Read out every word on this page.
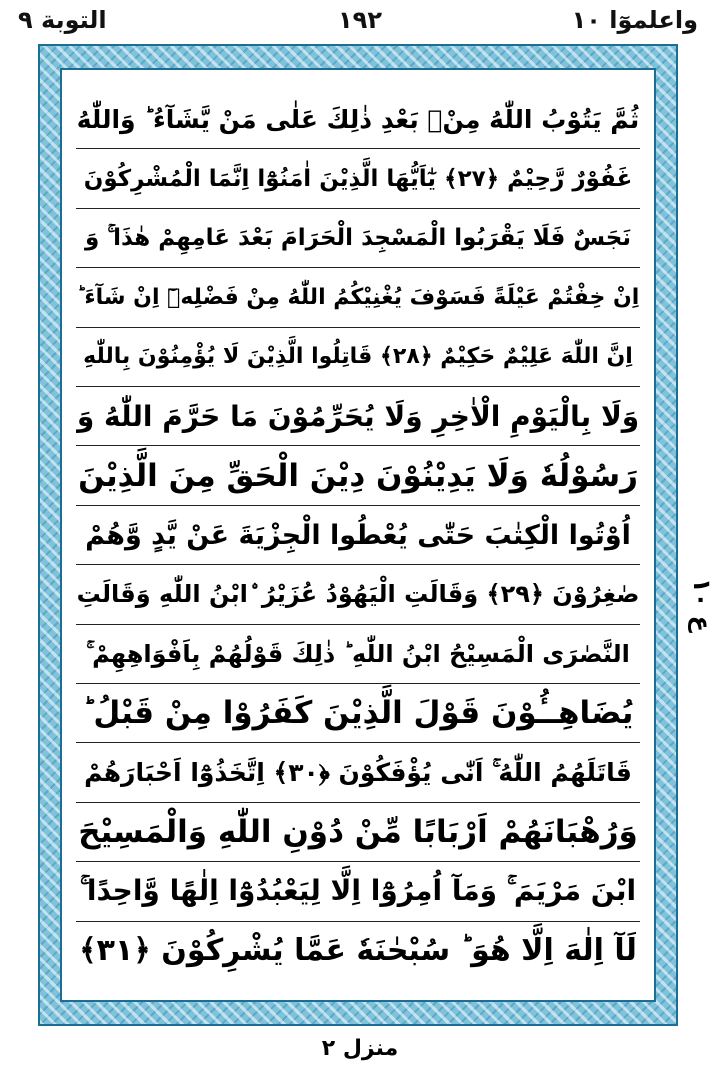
التوبة ٩	١٩٢	واعلموٓا ١٠
ثُمَّ يَتُوْبُ اللّٰهُ مِنْۢ بَعْدِ ذٰلِكَ عَلٰى مَنْ يَّشَآءُ ؕ وَاللّٰهُ
غَفُوْرٌ رَّحِيْمٌ ﴿۲۷﴾ يٰٓاَيُّهَا الَّذِيْنَ اٰمَنُوْٓا اِنَّمَا الْمُشْرِكُوْنَ
نَجَسٌ فَلَا يَقْرَبُوا الْمَسْجِدَ الْحَرَامَ بَعْدَ عَامِهِمْ هٰذَا ۚ وَ
اِنْ خِفْتُمْ عَيْلَةً فَسَوْفَ يُغْنِيْكُمُ اللّٰهُ مِنْ فَضْلِهٖٓ اِنْ شَآءَ ؕ
اِنَّ اللّٰهَ عَلِيْمٌ حَكِيْمٌ ﴿۲۸﴾ قَاتِلُوا الَّذِيْنَ لَا يُؤْمِنُوْنَ بِاللّٰهِ
وَلَا بِالْيَوْمِ الْاٰخِرِ وَلَا يُحَرِّمُوْنَ مَا حَرَّمَ اللّٰهُ وَ
رَسُوْلُهٗ وَلَا يَدِيْنُوْنَ دِيْنَ الْحَقِّ مِنَ الَّذِيْنَ
اُوْتُوا الْكِتٰبَ حَتّٰى يُعْطُوا الْجِزْيَةَ عَنْ يَّدٍ وَّهُمْ
صٰغِرُوْنَ ﴿۲۹﴾ وَقَالَتِ الْيَهُوْدُ عُزَيْرُ ۨابْنُ اللّٰهِ وَقَالَتِ
النَّصٰرَى الْمَسِيْحُ ابْنُ اللّٰهِ ؕ ذٰلِكَ قَوْلُهُمْ بِاَفْوَاهِهِمْ ۚ
يُضَاهِــُٔوْنَ قَوْلَ الَّذِيْنَ كَفَرُوْا مِنْ قَبْلُ ؕ
قَاتَلَهُمُ اللّٰهُ ۚ اَنّٰى يُؤْفَكُوْنَ ﴿۳۰﴾ اِتَّخَذُوْٓا اَحْبَارَهُمْ
وَرُهْبَانَهُمْ اَرْبَابًا مِّنْ دُوْنِ اللّٰهِ وَالْمَسِيْحَ
ابْنَ مَرْيَمَ ۚ وَمَآ اُمِرُوْٓا اِلَّا لِيَعْبُدُوْٓا اِلٰهًا وَّاحِدًا ۚ
لَآ اِلٰهَ اِلَّا هُوَ ؕ سُبْحٰنَهٗ عَمَّا يُشْرِكُوْنَ ﴿۳۱﴾
ع ١٠
منزل ٢
